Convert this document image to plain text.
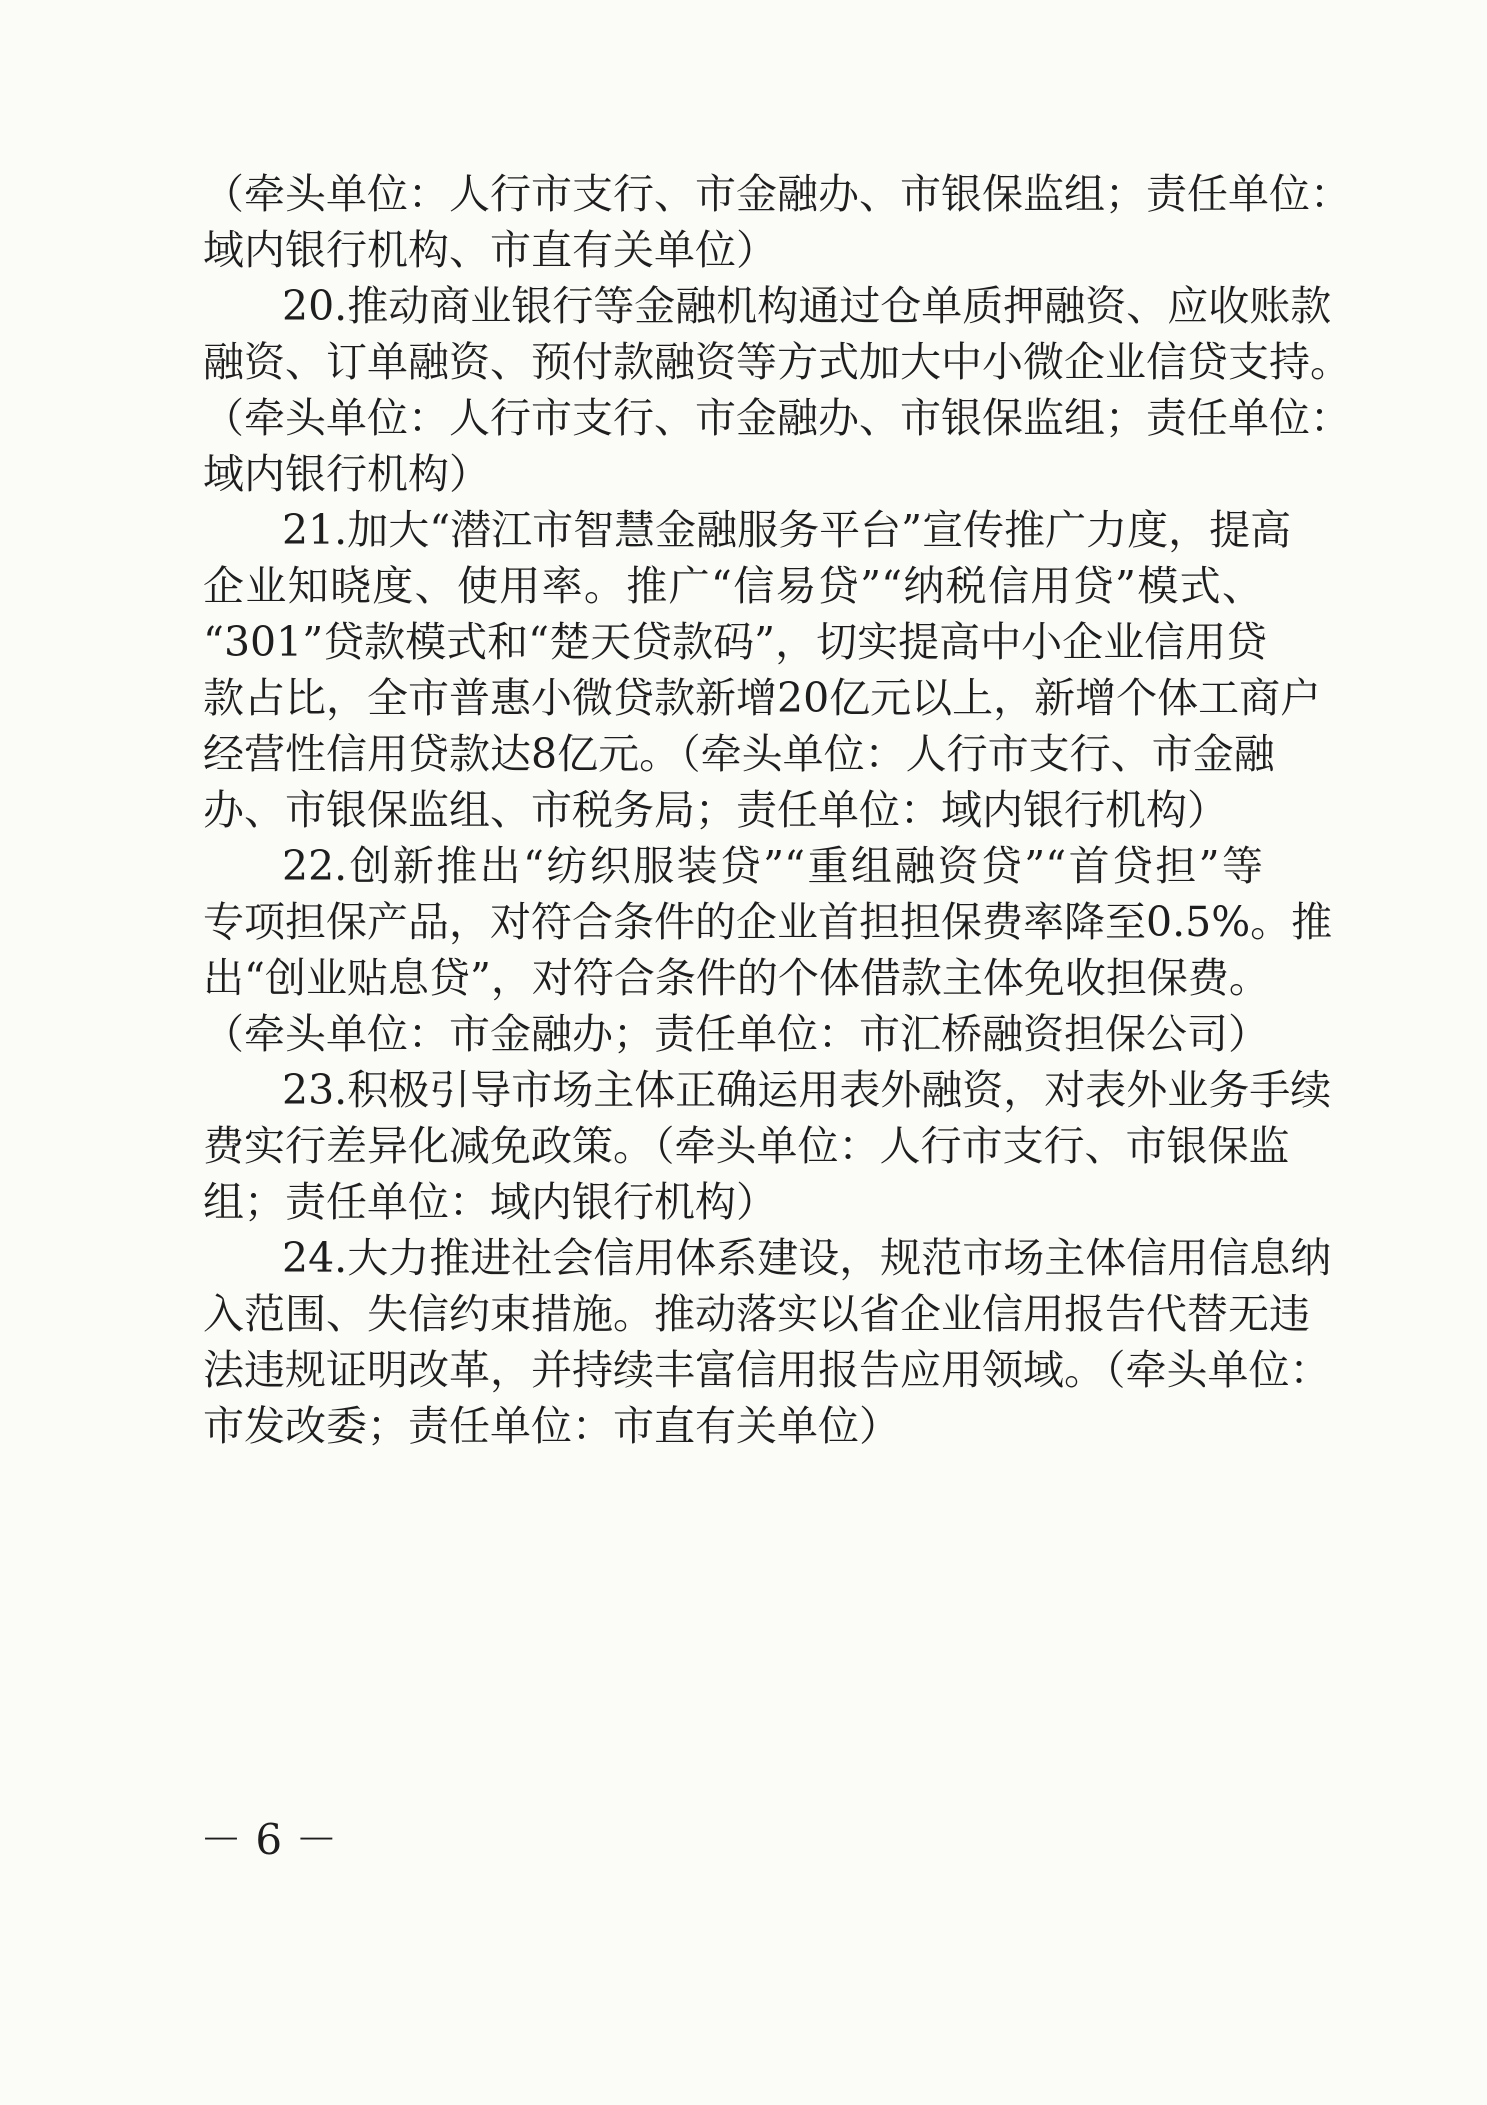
（牵头单位：人行市支行、市金融办、市银保监组；责任单位：
域内银行机构、市直有关单位）
20.推动商业银行等金融机构通过仓单质押融资、应收账款
融资、订单融资、预付款融资等方式加大中小微企业信贷支持。
（牵头单位：人行市支行、市金融办、市银保监组；责任单位：
域内银行机构）
21.加大“潜江市智慧金融服务平台”宣传推广力度，提高
企业知晓度、使用率。推广“信易贷”“纳税信用贷”模式、
“301”贷款模式和“楚天贷款码”，切实提高中小企业信用贷
款占比，全市普惠小微贷款新增20亿元以上，新增个体工商户
经营性信用贷款达8亿元。（牵头单位：人行市支行、市金融
办、市银保监组、市税务局；责任单位：域内银行机构）
22.创新推出“纺织服装贷”“重组融资贷”“首贷担”等
专项担保产品，对符合条件的企业首担担保费率降至0.5%。推
出“创业贴息贷”，对符合条件的个体借款主体免收担保费。
（牵头单位：市金融办；责任单位：市汇桥融资担保公司）
23.积极引导市场主体正确运用表外融资，对表外业务手续
费实行差异化减免政策。（牵头单位：人行市支行、市银保监
组；责任单位：域内银行机构）
24.大力推进社会信用体系建设，规范市场主体信用信息纳
入范围、失信约束措施。推动落实以省企业信用报告代替无违
法违规证明改革，并持续丰富信用报告应用领域。（牵头单位：
市发改委；责任单位：市直有关单位）
－ 6 －
